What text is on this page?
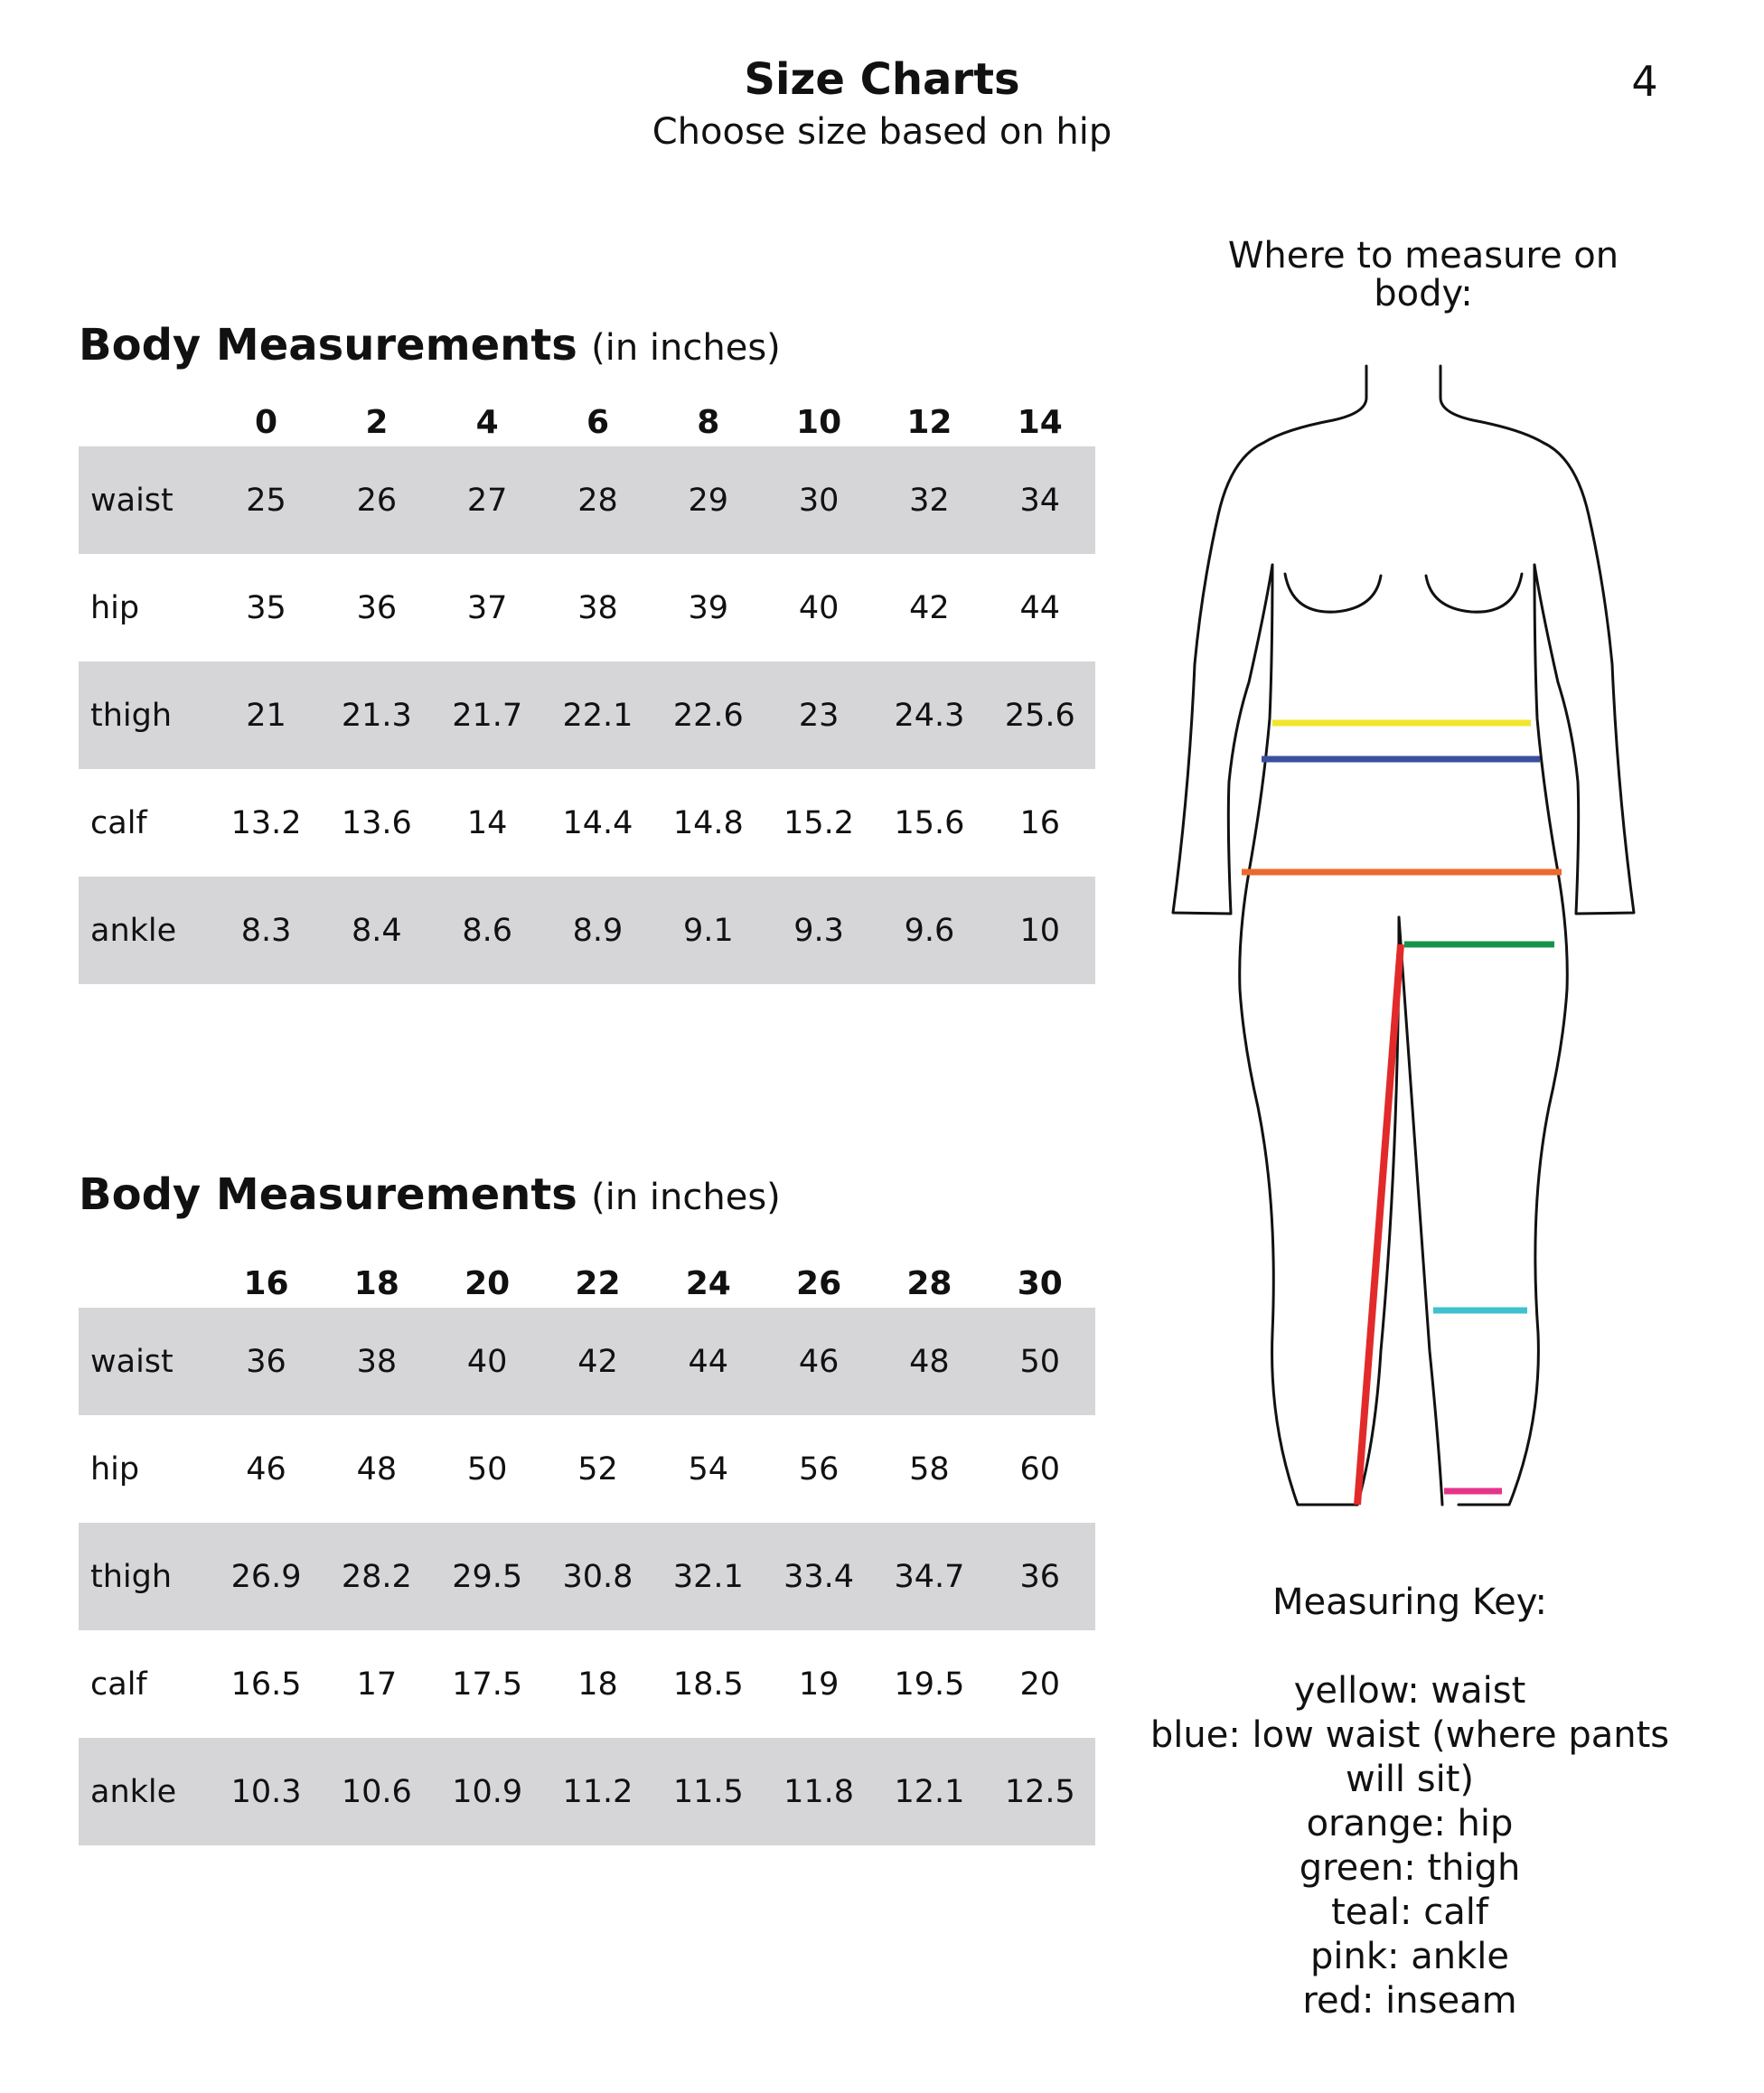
Size Charts
Choose size based on hip
4
Body Measurements (in inches)
	0	2	4	6	8	10	12	14
waist	25	26	27	28	29	30	32	34
hip	35	36	37	38	39	40	42	44
thigh	21	21.3	21.7	22.1	22.6	23	24.3	25.6
calf	13.2	13.6	14	14.4	14.8	15.2	15.6	16
ankle	8.3	8.4	8.6	8.9	9.1	9.3	9.6	10
Body Measurements (in inches)
	16	18	20	22	24	26	28	30
waist	36	38	40	42	44	46	48	50
hip	46	48	50	52	54	56	58	60
thigh	26.9	28.2	29.5	30.8	32.1	33.4	34.7	36
calf	16.5	17	17.5	18	18.5	19	19.5	20
ankle	10.3	10.6	10.9	11.2	11.5	11.8	12.1	12.5
Where to measure on body:
Measuring Key:
yellow: waist
blue: low waist (where pants will sit)
orange: hip
green: thigh
teal: calf
pink: ankle
red: inseam
